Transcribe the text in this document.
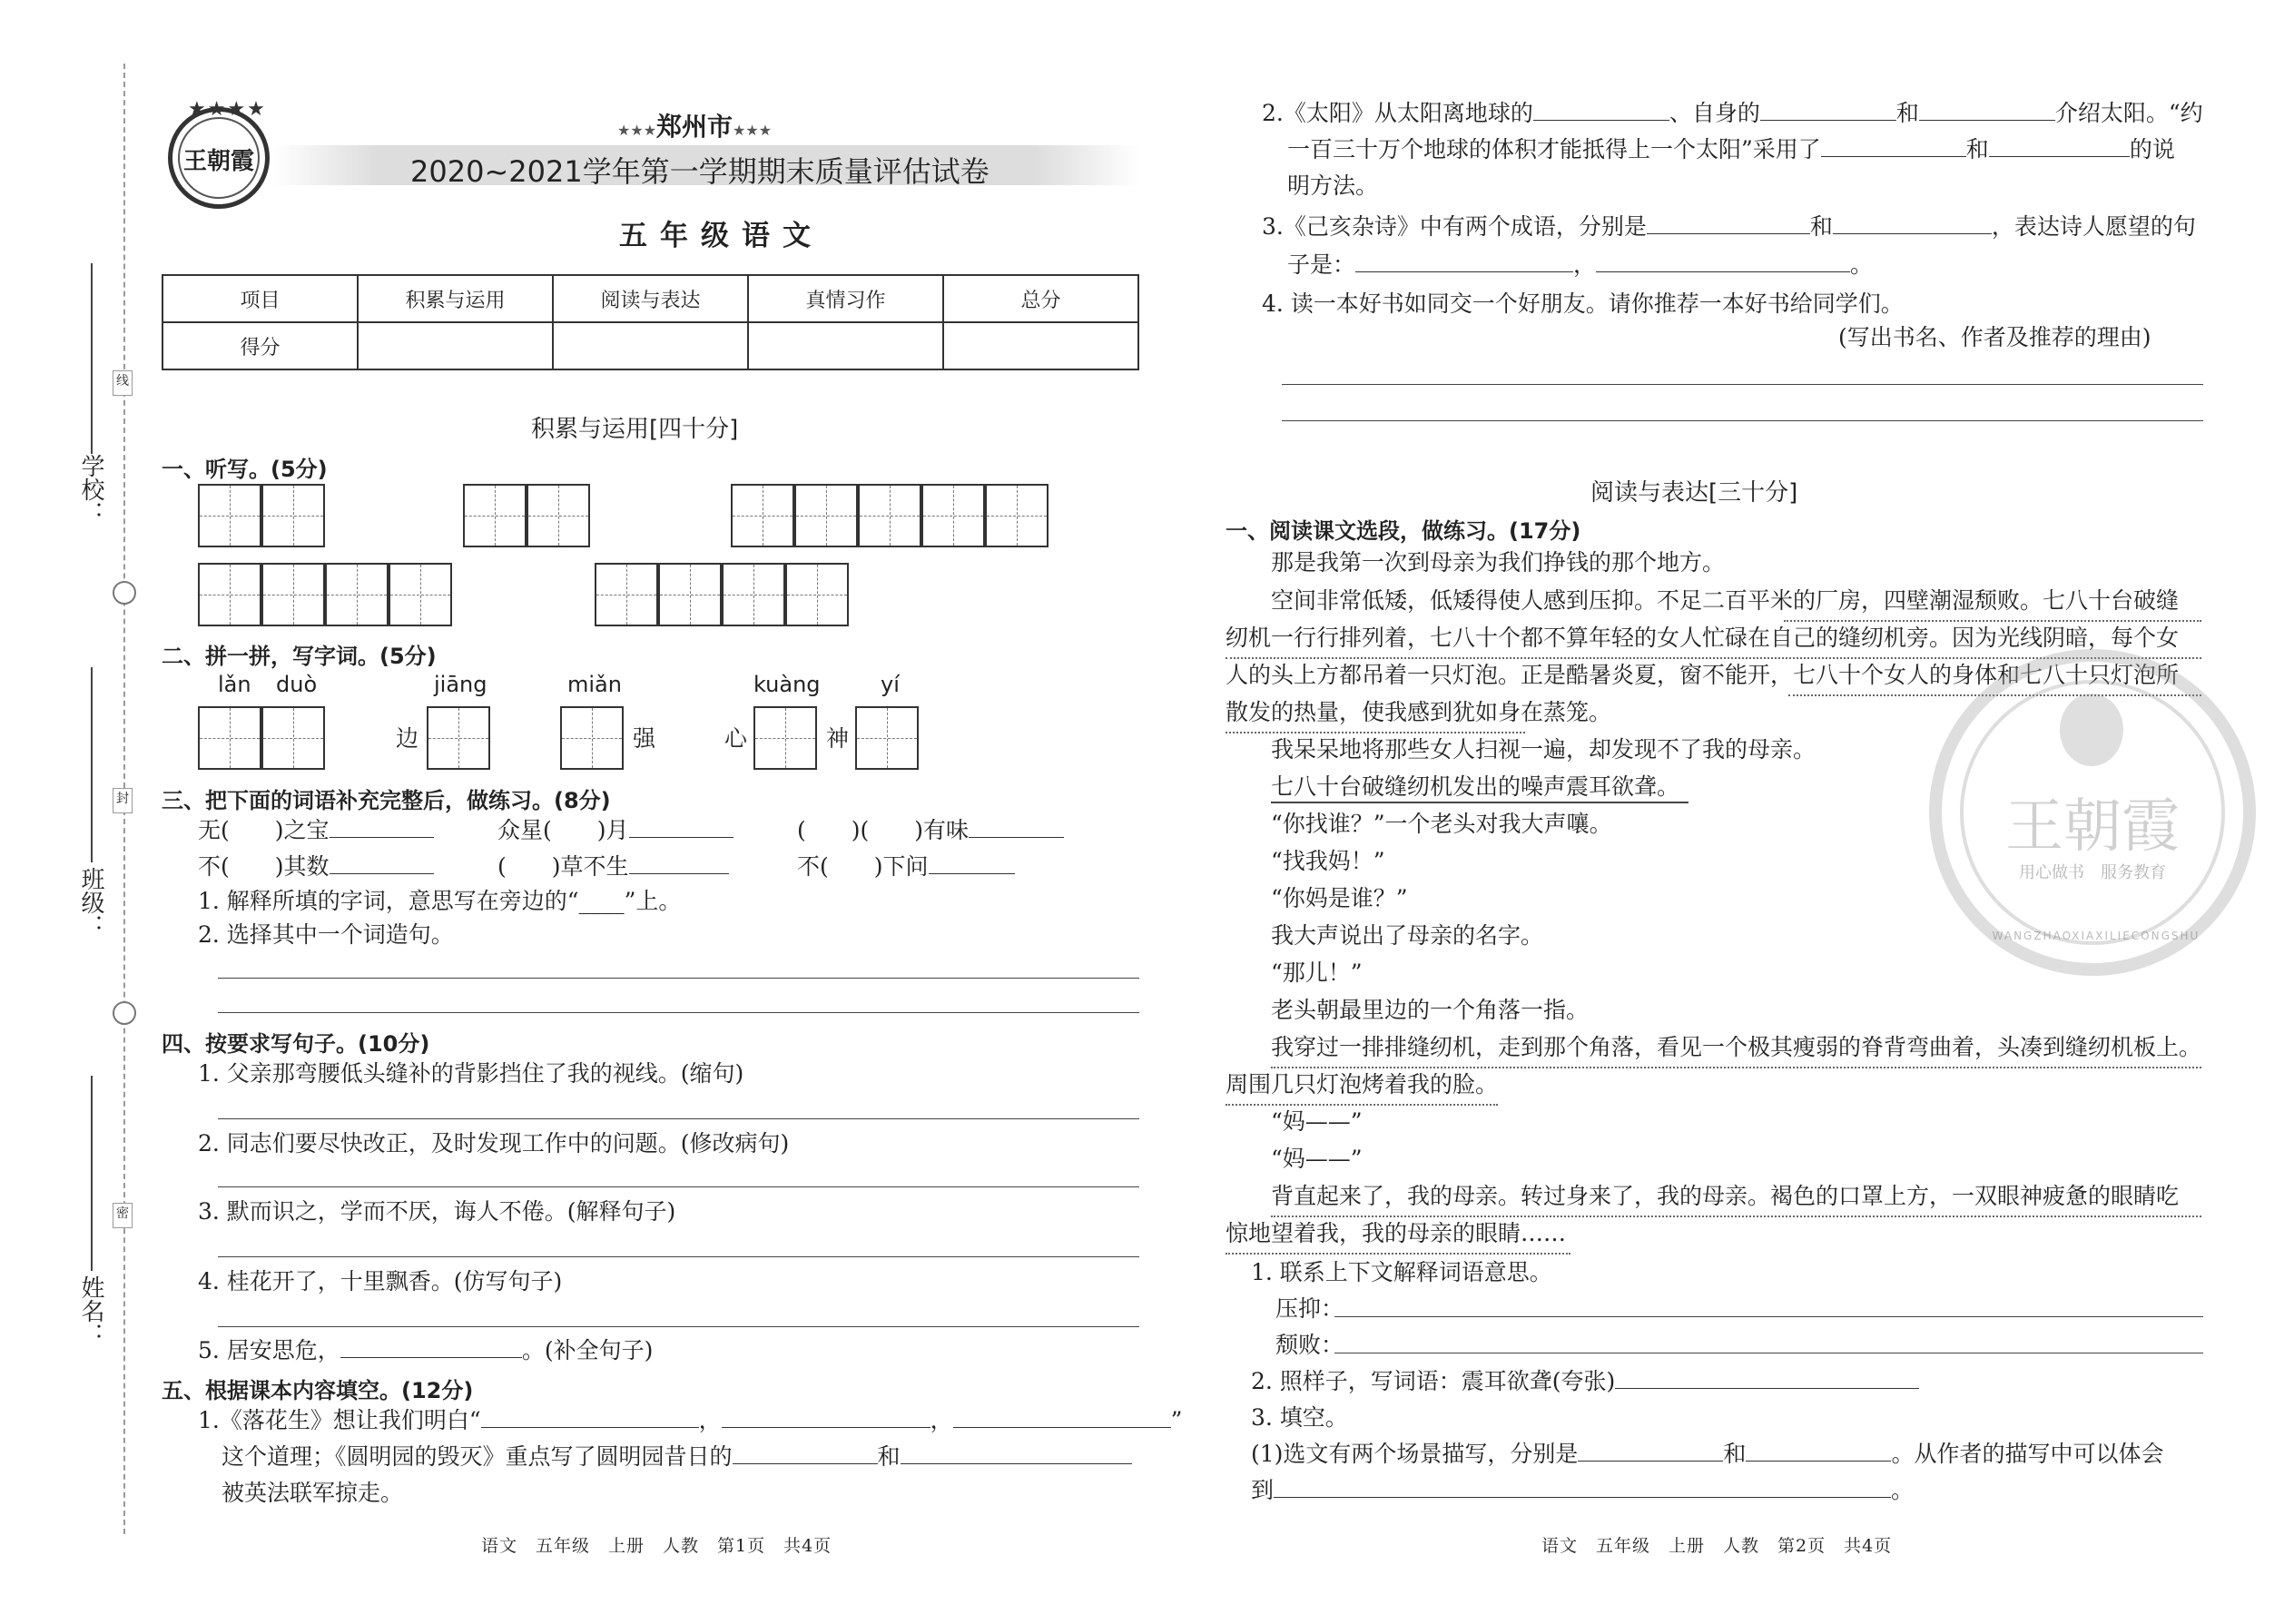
学校：
班级：
姓名：
线
封
密
王朝霞
★★★★
★★★郑州市★★★
2020~2021学年第一学期期末质量评估试卷
五年级语文
项目	积累与运用	阅读与表达	真情习作	总分
得分				
积累与运用[四十分]
一、听写。(5分)
二、拼一拼，写字词。(5分)
lǎn duò	jiāng	miǎn	kuàng	yí
边	强	心	神
三、把下面的词语补充完整后，做练习。(8分)
无(　　)之宝	众星(　　)月	(　　)(　　)有味
不(　　)其数	(　　)草不生	不(　　)下问
1. 解释所填的字词，意思写在旁边的“____”上。
2. 选择其中一个词造句。
四、按要求写句子。(10分)
1. 父亲那弯腰低头缝补的背影挡住了我的视线。(缩句)
2. 同志们要尽快改正，及时发现工作中的问题。(修改病句)
3. 默而识之，学而不厌，诲人不倦。(解释句子)
4. 桂花开了，十里飘香。(仿写句子)
5. 居安思危，	。(补全句子)
五、根据课本内容填空。(12分)
1.《落花生》想让我们明白“	，	，	”
这个道理；《圆明园的毁灭》重点写了圆明园昔日的	和
被英法联军掠走。
语文　五年级　上册　人教　第1页　共4页
2.《太阳》从太阳离地球的	、自身的	和	介绍太阳。“约
一百三十万个地球的体积才能抵得上一个太阳”采用了	和	的说
明方法。
3.《己亥杂诗》中有两个成语，分别是	和	，表达诗人愿望的句
子是：	，	。
4. 读一本好书如同交一个好朋友。请你推荐一本好书给同学们。
(写出书名、作者及推荐的理由)
阅读与表达[三十分]
一、阅读课文选段，做练习。(17分)
那是我第一次到母亲为我们挣钱的那个地方。
空间非常低矮，低矮得使人感到压抑。不足二百平米的厂房，四壁潮湿颓败。七八十台破缝
纫机一行行排列着，七八十个都不算年轻的女人忙碌在自己的缝纫机旁。因为光线阴暗，每个女
人的头上方都吊着一只灯泡。正是酷暑炎夏，窗不能开，七八十个女人的身体和七八十只灯泡所
散发的热量，使我感到犹如身在蒸笼。
我呆呆地将那些女人扫视一遍，却发现不了我的母亲。
七八十台破缝纫机发出的噪声震耳欲聋。
“你找谁？”一个老头对我大声嚷。
“找我妈！”
“你妈是谁？”
我大声说出了母亲的名字。
“那儿！”
老头朝最里边的一个角落一指。
我穿过一排排缝纫机，走到那个角落，看见一个极其瘦弱的脊背弯曲着，头凑到缝纫机板上。
周围几只灯泡烤着我的脸。
“妈——”
“妈——”
背直起来了，我的母亲。转过身来了，我的母亲。褐色的口罩上方，一双眼神疲惫的眼睛吃
惊地望着我，我的母亲的眼睛……
1. 联系上下文解释词语意思。
压抑：
颓败：
2. 照样子，写词语：震耳欲聋(夸张)
3. 填空。
(1)选文有两个场景描写，分别是	和	。从作者的描写中可以体会
到	。
王朝霞
用心做书　服务教育
WANGZHAOXIAXILIECONGSHU
语文　五年级　上册　人教　第2页　共4页
